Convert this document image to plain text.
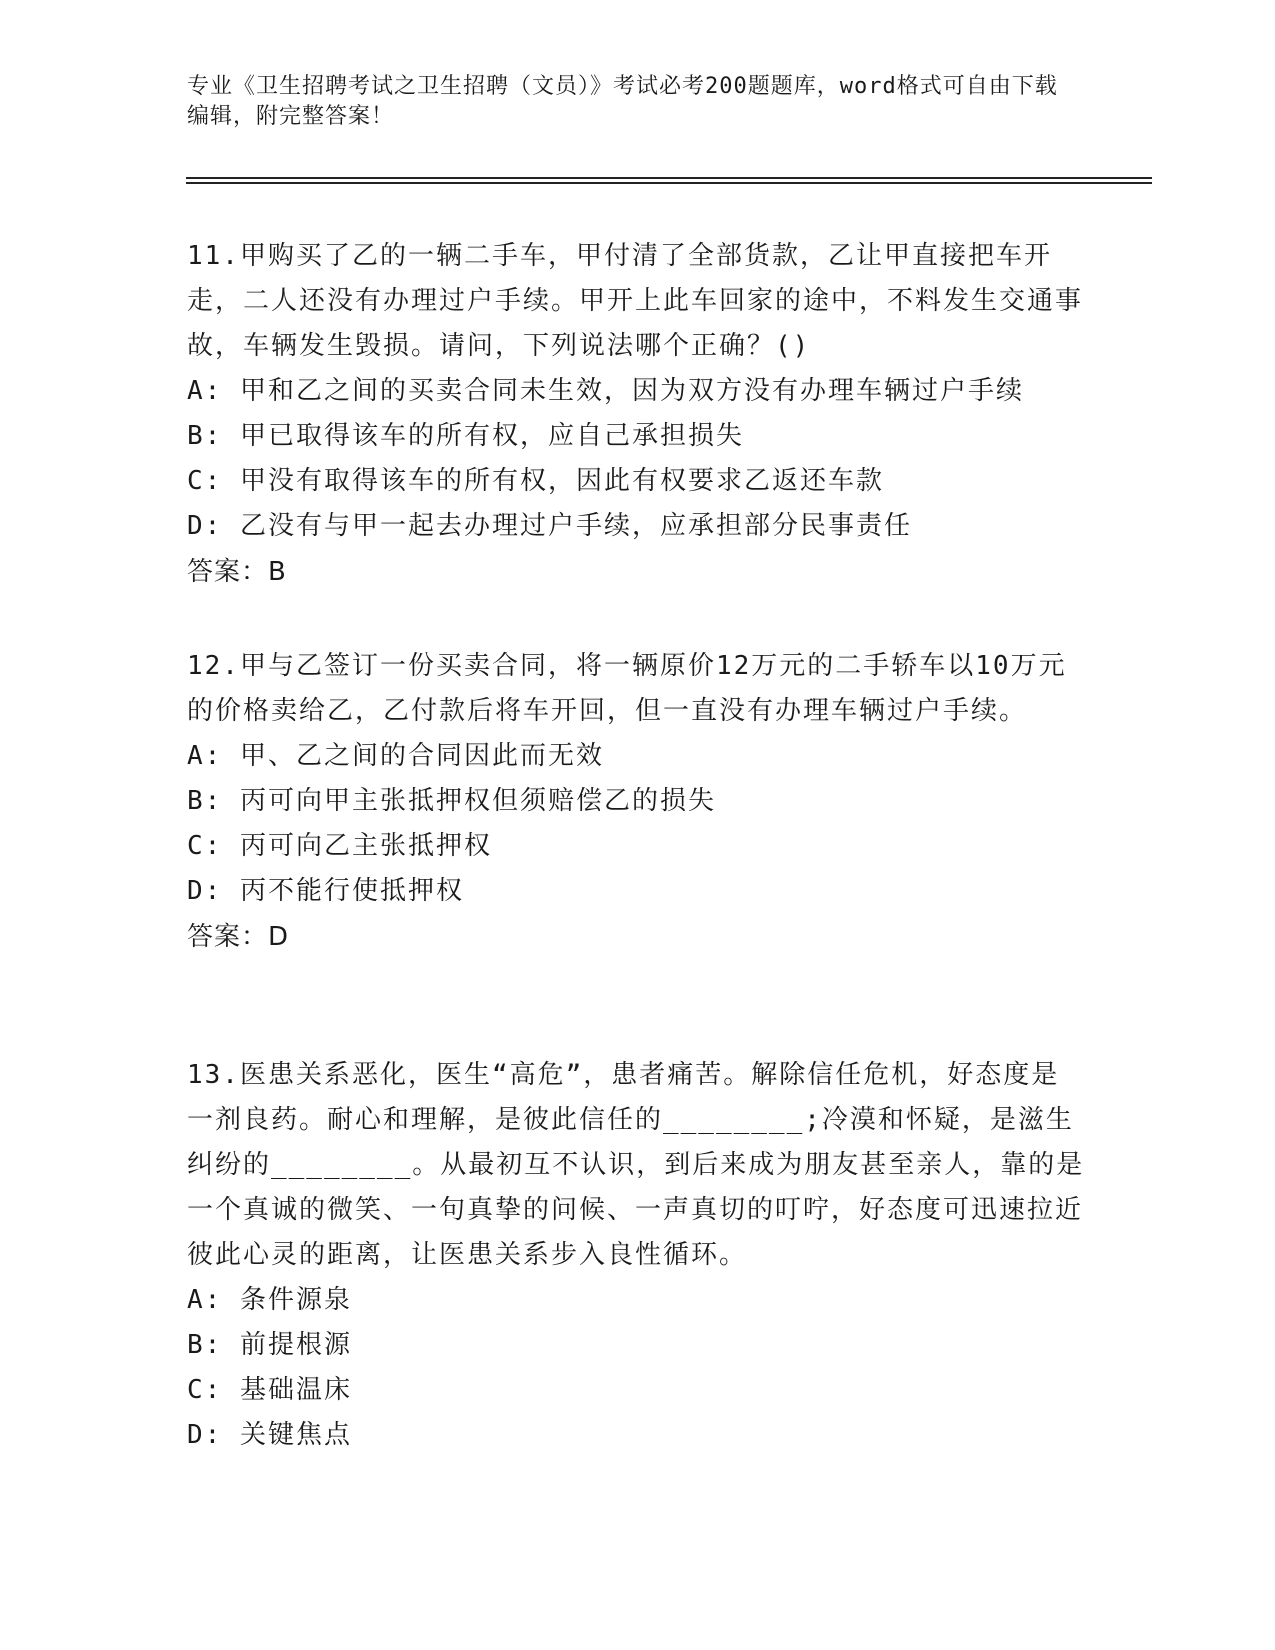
专业《卫生招聘考试之卫生招聘（文员）》考试必考200题题库，word格式可自由下载编辑，附完整答案！

11.甲购买了乙的一辆二手车，甲付清了全部货款，乙让甲直接把车开走，二人还没有办理过户手续。甲开上此车回家的途中，不料发生交通事故，车辆发生毁损。请问，下列说法哪个正确？()

A: 甲和乙之间的买卖合同未生效，因为双方没有办理车辆过户手续

B: 甲已取得该车的所有权，应自己承担损失

C: 甲没有取得该车的所有权，因此有权要求乙返还车款

D: 乙没有与甲一起去办理过户手续，应承担部分民事责任

答案：B

12.甲与乙签订一份买卖合同，将一辆原价12万元的二手轿车以10万元的价格卖给乙，乙付款后将车开回，但一直没有办理车辆过户手续。

A: 甲、乙之间的合同因此而无效

B: 丙可向甲主张抵押权但须赔偿乙的损失

C: 丙可向乙主张抵押权

D: 丙不能行使抵押权

答案：D

13.医患关系恶化，医生“高危”，患者痛苦。解除信任危机，好态度是一剂良药。耐心和理解，是彼此信任的________;冷漠和怀疑，是滋生纠纷的________。从最初互不认识，到后来成为朋友甚至亲人，靠的是一个真诚的微笑、一句真挚的问候、一声真切的叮咛，好态度可迅速拉近彼此心灵的距离，让医患关系步入良性循环。

A: 条件源泉

B: 前提根源

C: 基础温床

D: 关键焦点
